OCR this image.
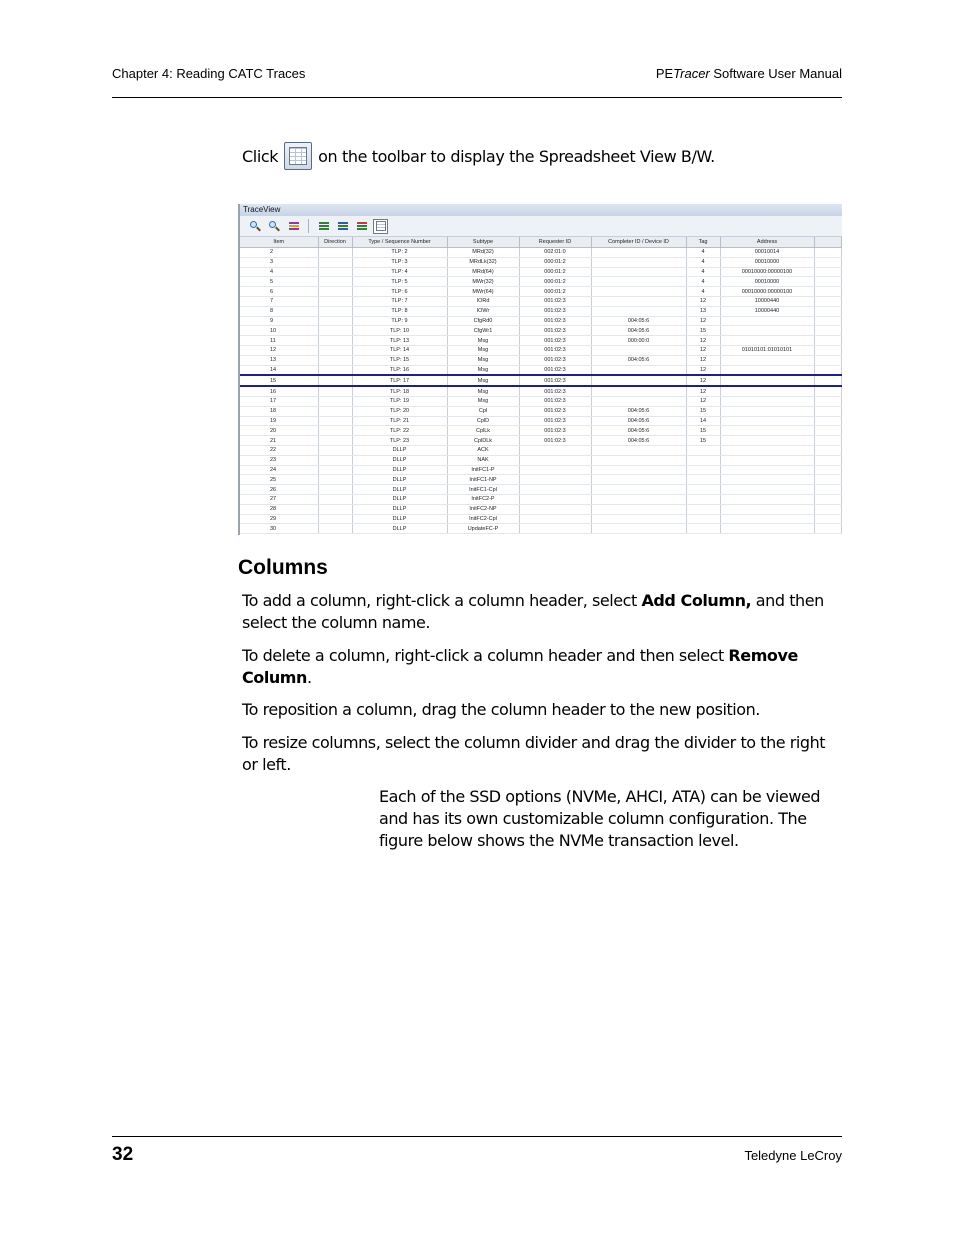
Chapter 4: Reading CATC Traces	PETracer Software User Manual
Click	on the toolbar to display the Spreadsheet View B/W.
TraceView
Item	Direction	Type / Sequence Number	Subtype	Requester ID	Completer ID / Device ID	Tag	Address	
2		TLP: 2	MRd(32)	002:01:0		4	00010014	
3		TLP: 3	MRdLk(32)	000:01:2		4	00010000	
4		TLP: 4	MRd(64)	000:01:2		4	00010000:00000100	
5		TLP: 5	MWr(32)	000:01:2		4	00010000	
6		TLP: 6	MWr(64)	000:01:2		4	00010000:00000100	
7		TLP: 7	IORd	001:02:3		12	10000440	
8		TLP: 8	IOWr	001:02:3		13	10000440	
9		TLP: 9	CfgRd0	001:02:3	004:05:6	12		
10		TLP: 10	CfgWr1	001:02:3	004:05:6	15		
11		TLP: 13	Msg	001:02:3	000:00:0	12		
12		TLP: 14	Msg	001:02:3		12	01010101:01010101	
13		TLP: 15	Msg	001:02:3	004:05:6	12		
14		TLP: 16	Msg	001:02:3		12		
15		TLP: 17	Msg	001:02:3		12		
16		TLP: 18	Msg	001:02:3		12		
17		TLP: 19	Msg	001:02:3		12		
18		TLP: 20	Cpl	001:02:3	004:05:6	15		
19		TLP: 21	CplD	001:02:3	004:05:6	14		
20		TLP: 22	CplLk	001:02:3	004:05:6	15		
21		TLP: 23	CplDLk	001:02:3	004:05:6	15		
22		DLLP	ACK					
23		DLLP	NAK					
24		DLLP	InitFC1-P					
25		DLLP	InitFC1-NP					
26		DLLP	InitFC1-Cpl					
27		DLLP	InitFC2-P					
28		DLLP	InitFC2-NP					
29		DLLP	InitFC2-Cpl					
30		DLLP	UpdateFC-P					
Columns

To add a column, right-click a column header, select Add Column, and then select the column name.

To delete a column, right-click a column header and then select Remove Column.

To reposition a column, drag the column header to the new position.

To resize columns, select the column divider and drag the divider to the right or left.

Each of the SSD options (NVMe, AHCI, ATA) can be viewed and has its own customizable column configuration. The figure below shows the NVMe transaction level.

32	Teledyne LeCroy
